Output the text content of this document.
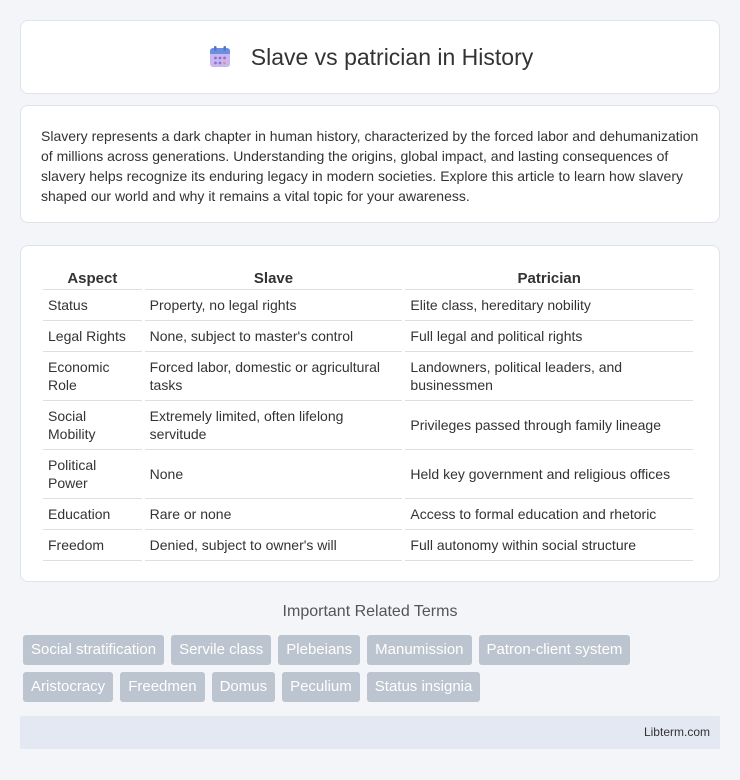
Slave vs patrician in History

Slavery represents a dark chapter in human history, characterized by the forced labor and dehumanization of millions across generations. Understanding the origins, global impact, and lasting consequences of slavery helps recognize its enduring legacy in modern societies. Explore this article to learn how slavery shaped our world and why it remains a vital topic for your awareness.

Aspect	Slave	Patrician
Status	Property, no legal rights	Elite class, hereditary nobility
Legal Rights	None, subject to master's control	Full legal and political rights
Economic Role	Forced labor, domestic or agricultural tasks	Landowners, political leaders, and businessmen
Social Mobility	Extremely limited, often lifelong servitude	Privileges passed through family lineage
Political Power	None	Held key government and religious offices
Education	Rare or none	Access to formal education and rhetoric
Freedom	Denied, subject to owner's will	Full autonomy within social structure
Important Related Terms
Social stratification	Servile class	Plebeians	Manumission	Patron-client system
Aristocracy	Freedmen	Domus	Peculium	Status insignia
Libterm.com
